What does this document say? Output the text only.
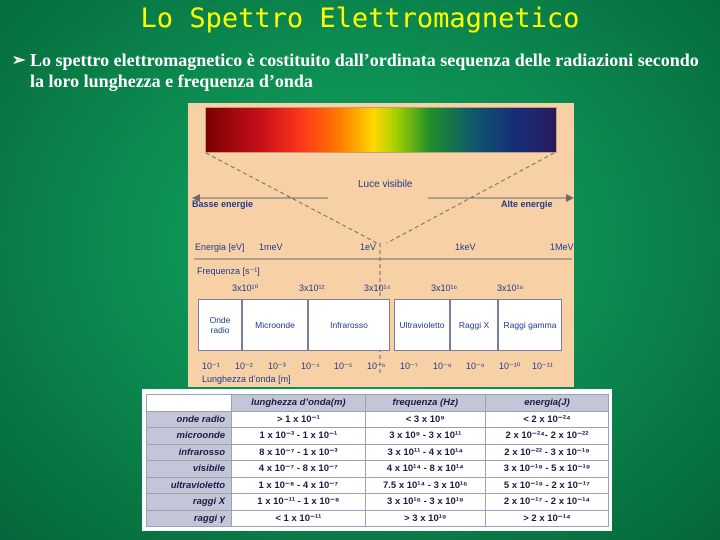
Lo Spettro Elettromagnetico
➢ Lo spettro elettromagnetico è costituito dall’ordinata sequenza delle radiazioni secondo la loro lunghezza e frequenza d’onda
Luce visibile
Basse energie	Alte energie
Energia [eV] 1meV	1eV	1keV	1MeV
Frequenza [s⁻¹]
3x10¹⁰	3x10¹²	3x10¹⁴	3x10¹⁶	3x10¹⁸
Onde radio	Microonde	Infrarosso	Ultravioletto	Raggi X	Raggi gamma
10⁻¹ 10⁻² 10⁻³ 10⁻⁴ 10⁻⁵ 10⁻⁶ 10⁻⁷ 10⁻⁸ 10⁻⁹ 10⁻¹⁰ 10⁻¹¹
Lunghezza d’onda [m]
	lunghezza d’onda(m)	frequenza (Hz)	energia(J)
onde radio	> 1 x 10⁻¹	< 3 x 10⁹	< 2 x 10⁻²⁴
microonde	1 x 10⁻³ - 1 x 10⁻¹	3 x 10⁹ - 3 x 10¹¹	2 x 10⁻²⁴- 2 x 10⁻²²
infrarosso	8 x 10⁻⁷ - 1 x 10⁻³	3 x 10¹¹ - 4 x 10¹⁴	2 x 10⁻²² - 3 x 10⁻¹⁹
visibile	4 x 10⁻⁷ - 8 x 10⁻⁷	4 x 10¹⁴ - 8 x 10¹⁴	3 x 10⁻¹⁹ - 5 x 10⁻¹⁹
ultravioletto	1 x 10⁻⁸ - 4 x 10⁻⁷	7.5 x 10¹⁴ - 3 x 10¹⁶	5 x 10⁻¹⁹ - 2 x 10⁻¹⁷
raggi X	1 x 10⁻¹¹ - 1 x 10⁻⁸	3 x 10¹⁶ - 3 x 10¹⁹	2 x 10⁻¹⁷ - 2 x 10⁻¹⁴
raggi γ	< 1 x 10⁻¹¹	> 3 x 10¹⁹	> 2 x 10⁻¹⁴
